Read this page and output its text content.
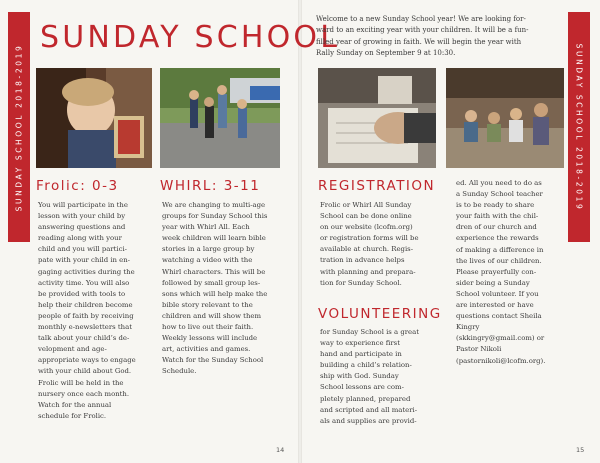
SUNDAY SCHOOL 2018-2019	SUNDAY SCHOOL 2018-2019
SUNDAY SCHOOL

Welcome to a new Sunday School year! We are looking for-
ward to an exciting year with your children. It will be a fun-
filled year of growing in faith. We will begin the year with
Rally Sunday on September 9 at 10:30.

Frolic: 0-3	WHIRL: 3-11	REGISTRATION
VOLUNTEERING

You will participate in the
lesson with your child by
answering questions and
reading along with your
child and you will partici-
pate with your child in en-
gaging activities during the
activity time. You will also
be provided with tools to
help their children become
people of faith by receiving
monthly e-newsletters that
talk about your child’s de-
velopment and age-
appropriate ways to engage
with your child about God.
Frolic will be held in the
nursery once each month.
Watch for the annual
schedule for Frolic.

We are changing to multi-age
groups for Sunday School this
year with Whirl All. Each
week children will learn bible
stories in a large group by
watching a video with the
Whirl characters. This will be
followed by small group les-
sons which will help make the
bible story relevant to the
children and will show them
how to live out their faith.
Weekly lessons will include
art, activities and games.
Watch for the Sunday School
Schedule.

Frolic or Whirl All Sunday
School can be done online
on our website (lcofm.org)
or registration forms will be
available at church. Regis-
tration in advance helps
with planning and prepara-
tion for Sunday School.

for Sunday School is a great
way to experience first
hand and participate in
building a child’s relation-
ship with God. Sunday
School lessons are com-
pletely planned, prepared
and scripted and all materi-
als and supplies are provid-

ed. All you need to do as
a Sunday School teacher
is to be ready to share
your faith with the chil-
dren of our church and
experience the rewards
of making a difference in
the lives of our children.
Please prayerfully con-
sider being a Sunday
School volunteer. If you
are interested or have
questions contact Sheila
Kingry
(skkingry@gmail.com) or
Pastor Nikoli
(pastornikoli@lcofm.org).

14	15
